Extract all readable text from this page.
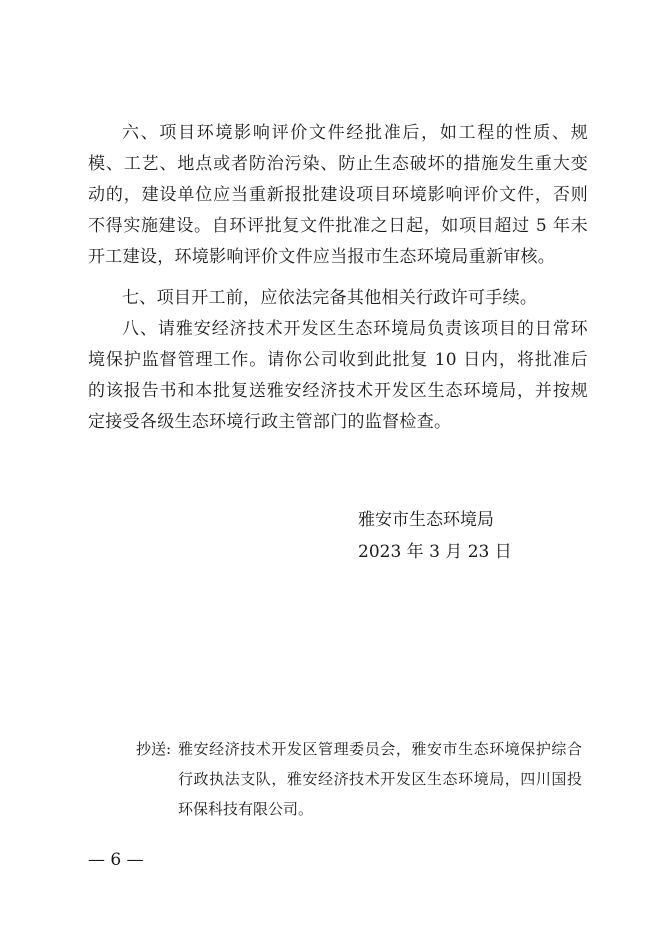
六、项目环境影响评价文件经批准后，如工程的性质、规模、工艺、地点或者防治污染、防止生态破坏的措施发生重大变动的，建设单位应当重新报批建设项目环境影响评价文件，否则不得实施建设。自环评批复文件批准之日起，如项目超过 5 年未开工建设，环境影响评价文件应当报市生态环境局重新审核。

七、项目开工前，应依法完备其他相关行政许可手续。

八、请雅安经济技术开发区生态环境局负责该项目的日常环境保护监督管理工作。请你公司收到此批复 10 日内，将批准后的该报告书和本批复送雅安经济技术开发区生态环境局，并按规定接受各级生态环境行政主管部门的监督检查。

雅安市生态环境局

2023 年 3 月 23 日

抄送: 雅安经济技术开发区管理委员会，雅安市生态环境保护综合行政执法支队，雅安经济技术开发区生态环境局，四川国投环保科技有限公司。

— 6 —
